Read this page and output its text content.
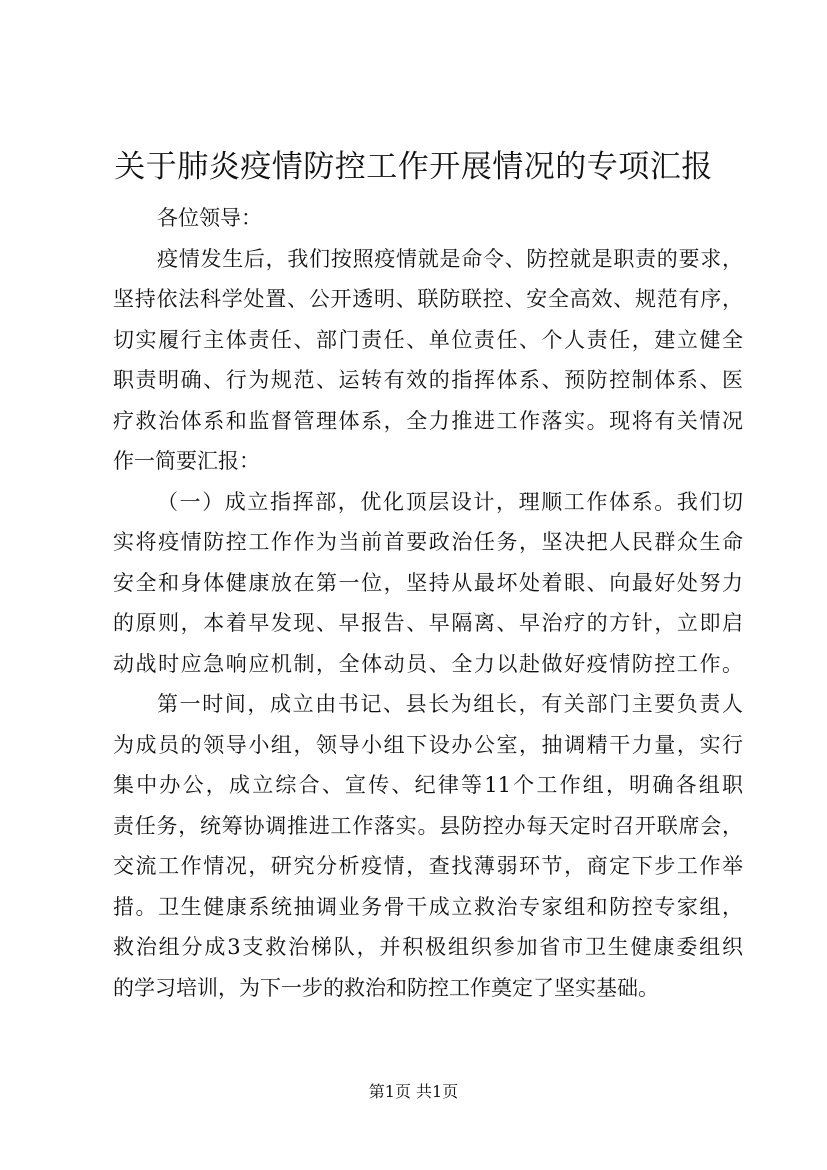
关于肺炎疫情防控工作开展情况的专项汇报
各位领导：
疫情发生后，我们按照疫情就是命令、防控就是职责的要求，
坚持依法科学处置、公开透明、联防联控、安全高效、规范有序，
切实履行主体责任、部门责任、单位责任、个人责任，建立健全
职责明确、行为规范、运转有效的指挥体系、预防控制体系、医
疗救治体系和监督管理体系，全力推进工作落实。现将有关情况
作一简要汇报：
（一）成立指挥部，优化顶层设计，理顺工作体系。我们切
实将疫情防控工作作为当前首要政治任务，坚决把人民群众生命
安全和身体健康放在第一位，坚持从最坏处着眼、向最好处努力
的原则，本着早发现、早报告、早隔离、早治疗的方针，立即启
动战时应急响应机制，全体动员、全力以赴做好疫情防控工作。
第一时间，成立由书记、县长为组长，有关部门主要负责人
为成员的领导小组，领导小组下设办公室，抽调精干力量，实行
集中办公，成立综合、宣传、纪律等11个工作组，明确各组职
责任务，统筹协调推进工作落实。县防控办每天定时召开联席会，
交流工作情况，研究分析疫情，查找薄弱环节，商定下步工作举
措。卫生健康系统抽调业务骨干成立救治专家组和防控专家组，
救治组分成3支救治梯队，并积极组织参加省市卫生健康委组织
的学习培训，为下一步的救治和防控工作奠定了坚实基础。
第1页 共1页
